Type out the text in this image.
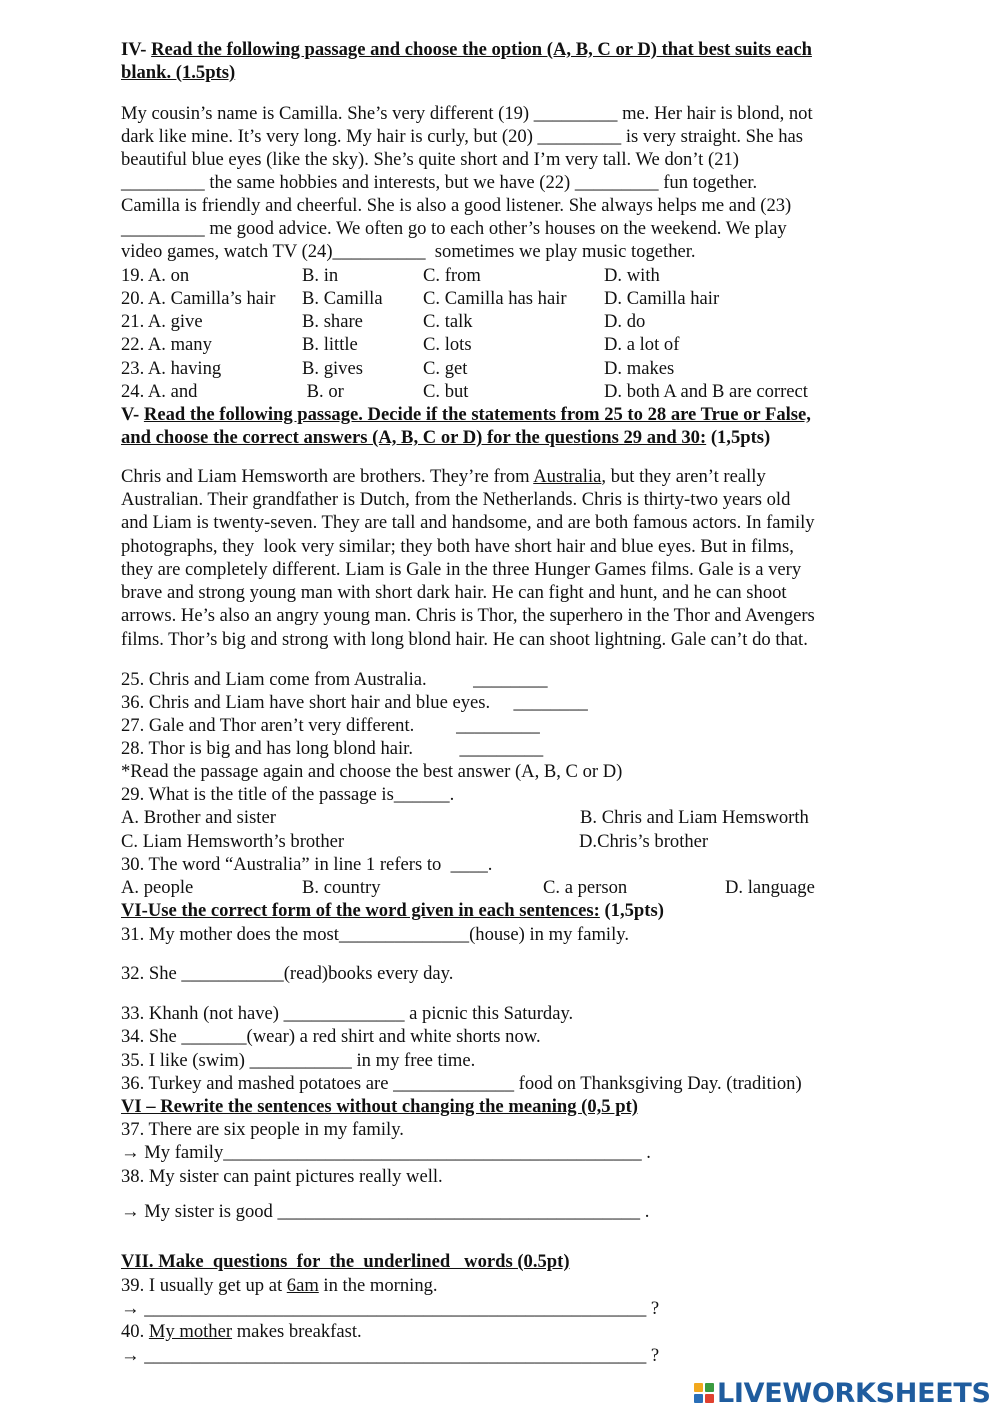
IV- Read the following passage and choose the option (A, B, C or D) that best suits each

blank. (1.5pts)

My cousin’s name is Camilla. She’s very different (19) _________ me. Her hair is blond, not

dark like mine. It’s very long. My hair is curly, but (20) _________ is very straight. She has

beautiful blue eyes (like the sky). She’s quite short and I’m very tall. We don’t (21)

_________ the same hobbies and interests, but we have (22) _________ fun together.

Camilla is friendly and cheerful. She is also a good listener. She always helps me and (23)

_________ me good advice. We often go to each other’s houses on the weekend. We play

video games, watch TV (24)__________  sometimes we play music together.

19. A. on	B. in	C. from	D. with

20. A. Camilla’s hair B. Camilla C. Camilla has hair D. Camilla hair

21. A. give	B. share	C. talk	D. do

22. A. many	B. little	C. lots	D. a lot of

23. A. having	B. gives	C. get	D. makes

24. A. and	B. or	C. but	D. both A and B are correct

V- Read the following passage. Decide if the statements from 25 to 28 are True or False,

and choose the correct answers (A, B, C or D) for the questions 29 and 30: (1,5pts)

Chris and Liam Hemsworth are brothers. They’re from Australia, but they aren’t really

Australian. Their grandfather is Dutch, from the Netherlands. Chris is thirty-two years old

and Liam is twenty-seven. They are tall and handsome, and are both famous actors. In family

photographs, they  look very similar; they both have short hair and blue eyes. But in films,

they are completely different. Liam is Gale in the three Hunger Games films. Gale is a very

brave and strong young man with short dark hair. He can fight and hunt, and he can shoot

arrows. He’s also an angry young man. Chris is Thor, the superhero in the Thor and Avengers

films. Thor’s big and strong with long blond hair. He can shoot lightning. Gale can’t do that.

25. Chris and Liam come from Australia.          ________

36. Chris and Liam have short hair and blue eyes.     ________

27. Gale and Thor aren’t very different.         _________

28. Thor is big and has long blond hair.          _________

*Read the passage again and choose the best answer (A, B, C or D)

29. What is the title of the passage is______.

A. Brother and sister	B. Chris and Liam Hemsworth

C. Liam Hemsworth’s brother	D.Chris’s brother

30. The word “Australia” in line 1 refers to  ____.

A. people	B. country	C. a person	D. language

VI-Use the correct form of the word given in each sentences: (1,5pts)

31. My mother does the most______________(house) in my family.

32. She ___________(read)books every day.

33. Khanh (not have) _____________ a picnic this Saturday.

34. She _______(wear) a red shirt and white shorts now.

35. I like (swim) ___________ in my free time.

36. Turkey and mashed potatoes are _____________ food on Thanksgiving Day. (tradition)

VI – Rewrite the sentences without changing the meaning (0,5 pt)

37. There are six people in my family.

→ My family_____________________________________________ .

38. My sister can paint pictures really well.

→ My sister is good _______________________________________ .

VII. Make  questions  for  the  underlined   words (0.5pt)

39. I usually get up at 6am in the morning.

→ ______________________________________________________ ?

40. My mother makes breakfast.

→ ______________________________________________________ ?

LIVEWORKSHEETS
